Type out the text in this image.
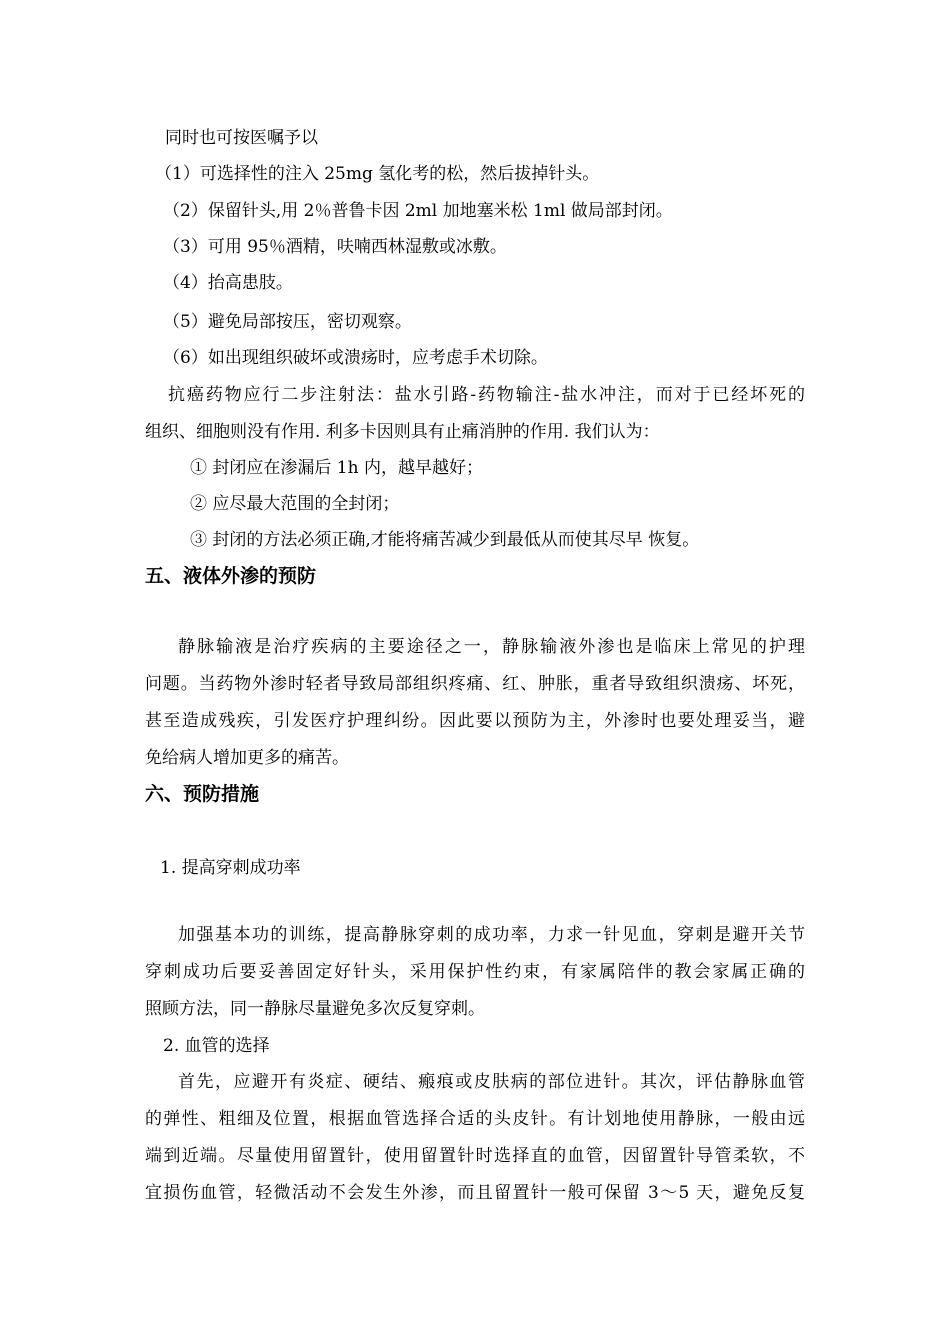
同时也可按医嘱予以
（1）可选择性的注入 25mg 氢化考的松，然后拔掉针头。
（2）保留针头,用 2％普鲁卡因 2ml 加地塞米松 1ml 做局部封闭。
（3）可用 95％酒精，呋喃西林湿敷或冰敷。
（4）抬高患肢。
（5）避免局部按压，密切观察。
（6）如出现组织破坏或溃疡时，应考虑手术切除。
抗癌药物应行二步注射法：盐水引路-药物输注-盐水冲注，而对于已经坏死的
组织、细胞则没有作用. 利多卡因则具有止痛消肿的作用. 我们认为：
① 封闭应在渗漏后 1h 内，越早越好；
② 应尽最大范围的全封闭；
③ 封闭的方法必须正确,才能将痛苦减少到最低从而使其尽早 恢复。
五、液体外渗的预防
静脉输液是治疗疾病的主要途径之一，静脉输液外渗也是临床上常见的护理
问题。当药物外渗时轻者导致局部组织疼痛、红、肿胀，重者导致组织溃疡、坏死，
甚至造成残疾，引发医疗护理纠纷。因此要以预防为主，外渗时也要处理妥当，避
免给病人增加更多的痛苦。
六、预防措施
1. 提高穿刺成功率
加强基本功的训练，提高静脉穿刺的成功率，力求一针见血，穿刺是避开关节
穿刺成功后要妥善固定好针头，采用保护性约束，有家属陪伴的教会家属正确的
照顾方法，同一静脉尽量避免多次反复穿刺。
2. 血管的选择
首先，应避开有炎症、硬结、瘢痕或皮肤病的部位进针。其次，评估静脉血管
的弹性、粗细及位置，根据血管选择合适的头皮针。有计划地使用静脉，一般由远
端到近端。尽量使用留置针，使用留置针时选择直的血管，因留置针导管柔软，不
宜损伤血管，轻微活动不会发生外渗，而且留置针一般可保留 3～5 天，避免反复
